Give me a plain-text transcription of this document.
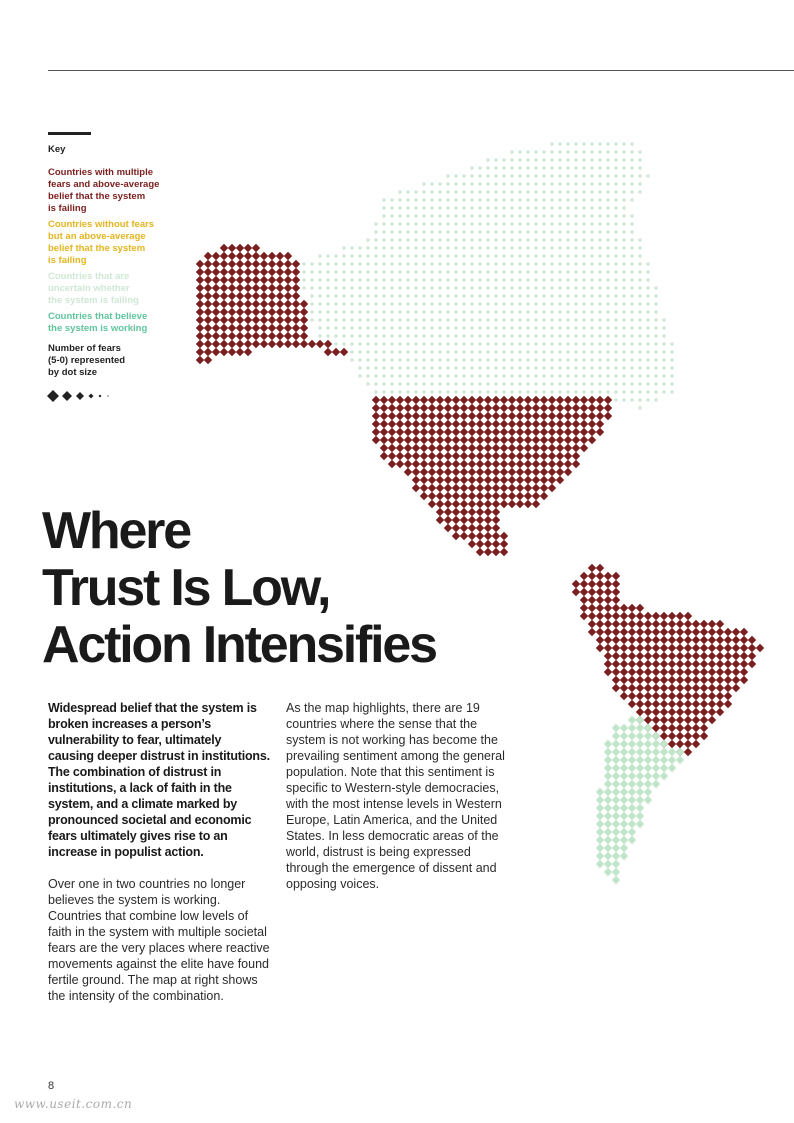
Key
Countries with multiple
fears and above-average
belief that the system
is failing
Countries without fears
but an above-average
belief that the system
is failing
Countries that are
uncertain whether
the system is failing
Countries that believe
the system is working
Number of fears
(5-0) represented
by dot size
Where
Trust Is Low,
Action Intensifies

Widespread belief that the system is broken increases a person’s vulnerability to fear, ultimately causing deeper distrust in institutions. The combination of distrust in institutions, a lack of faith in the system, and a climate marked by pronounced societal and economic fears ultimately gives rise to an increase in populist action.

Over one in two countries no longer believes the system is working. Countries that combine low levels of faith in the system with multiple societal fears are the very places where reactive movements against the elite have found fertile ground. The map at right shows the intensity of the combination.

As the map highlights, there are 19 countries where the sense that the system is not working has become the prevailing sentiment among the general population. Note that this sentiment is specific to Western-style democracies, with the most intense levels in Western Europe, Latin America, and the United States. In less democratic areas of the world, distrust is being expressed through the emergence of dissent and opposing voices.

8
www.useit.com.cn
